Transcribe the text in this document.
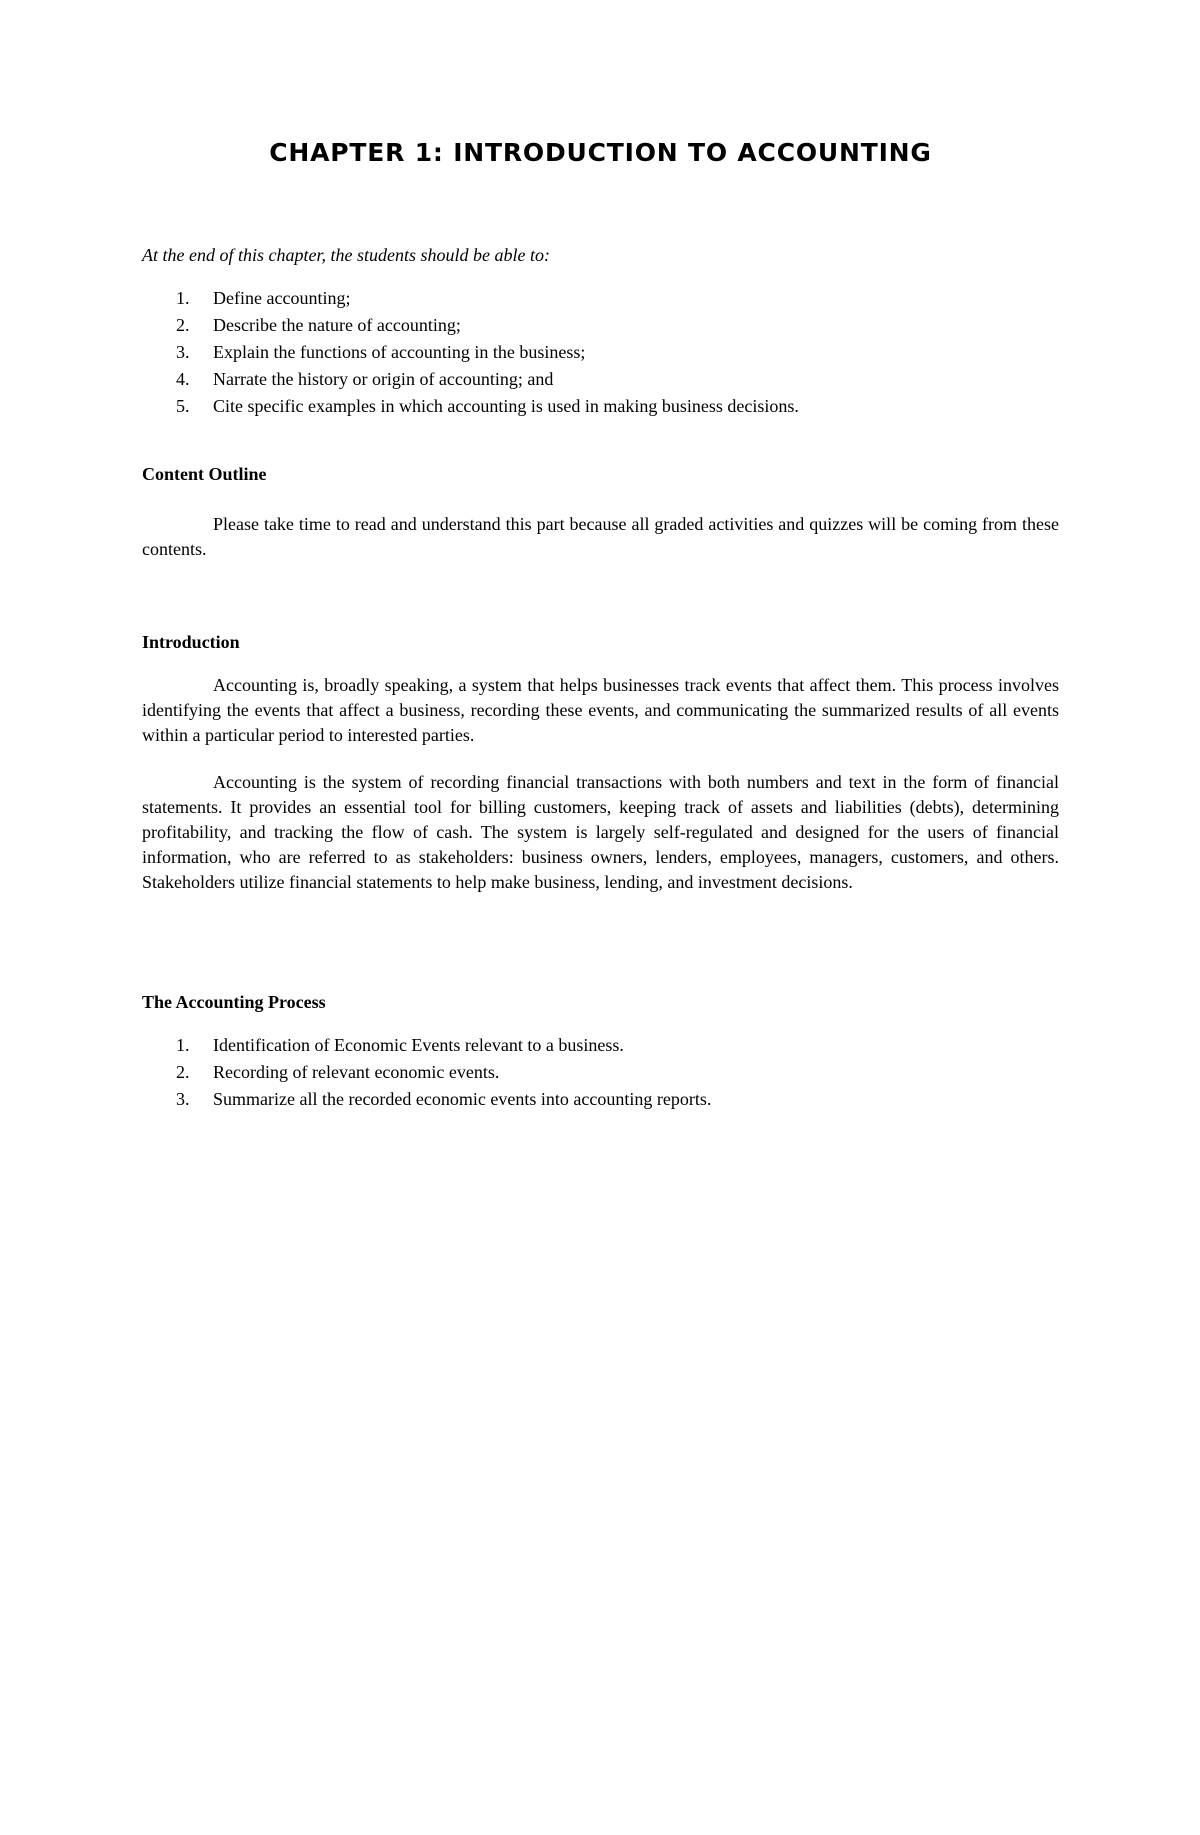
CHAPTER 1: INTRODUCTION TO ACCOUNTING

At the end of this chapter, the students should be able to:

1.	Define accounting;
2.	Describe the nature of accounting;
3.	Explain the functions of accounting in the business;
4.	Narrate the history or origin of accounting; and
5.	Cite specific examples in which accounting is used in making business decisions.

Content Outline

Please take time to read and understand this part because all graded activities and quizzes will be coming from these contents.

Introduction

Accounting is, broadly speaking, a system that helps businesses track events that affect them. This process involves identifying the events that affect a business, recording these events, and communicating the summarized results of all events within a particular period to interested parties.

Accounting is the system of recording financial transactions with both numbers and text in the form of financial statements. It provides an essential tool for billing customers, keeping track of assets and liabilities (debts), determining profitability, and tracking the flow of cash. The system is largely self-regulated and designed for the users of financial information, who are referred to as stakeholders: business owners, lenders, employees, managers, customers, and others. Stakeholders utilize financial statements to help make business, lending, and investment decisions.

The Accounting Process

1.	Identification of Economic Events relevant to a business.
2.	Recording of relevant economic events.
3.	Summarize all the recorded economic events into accounting reports.
